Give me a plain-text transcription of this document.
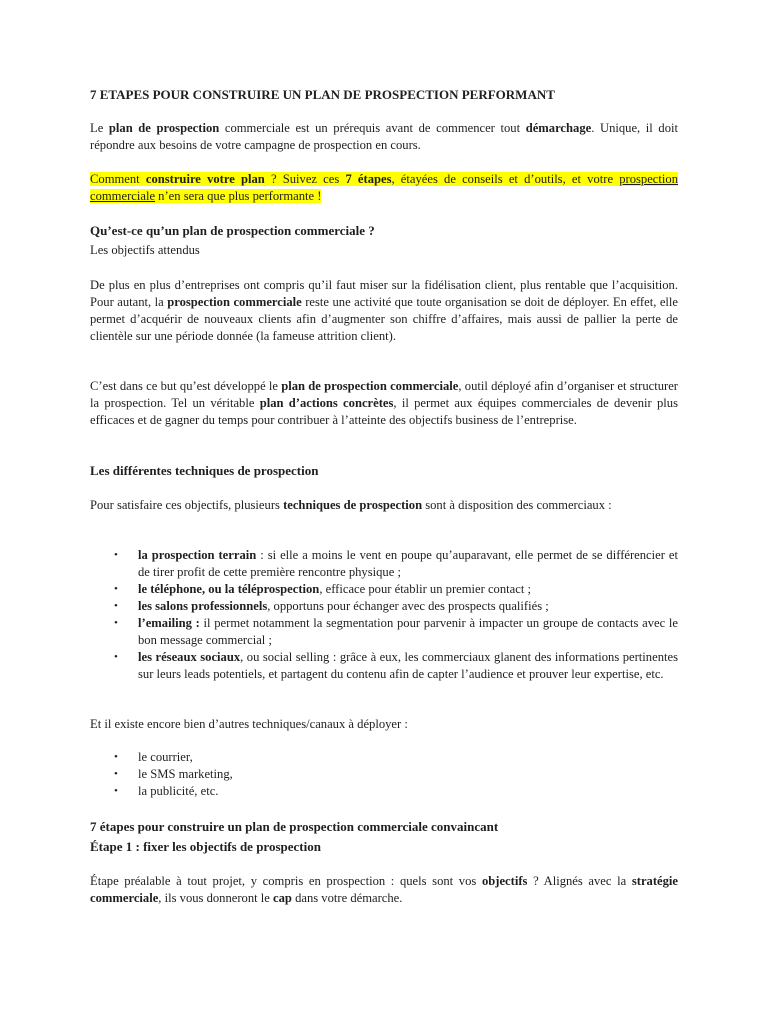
7 ETAPES POUR CONSTRUIRE UN PLAN DE PROSPECTION PERFORMANT

Le plan de prospection commerciale est un prérequis avant de commencer tout démarchage. Unique, il doit répondre aux besoins de votre campagne de prospection en cours.

Comment construire votre plan ? Suivez ces 7 étapes, étayées de conseils et d’outils, et votre prospection commerciale n’en sera que plus performante !

Qu’est-ce qu’un plan de prospection commerciale ?

Les objectifs attendus

De plus en plus d’entreprises ont compris qu’il faut miser sur la fidélisation client, plus rentable que l’acquisition. Pour autant, la prospection commerciale reste une activité que toute organisation se doit de déployer. En effet, elle permet d’acquérir de nouveaux clients afin d’augmenter son chiffre d’affaires, mais aussi de pallier la perte de clientèle sur une période donnée (la fameuse attrition client).

C’est dans ce but qu’est développé le plan de prospection commerciale, outil déployé afin d’organiser et structurer la prospection. Tel un véritable plan d’actions concrètes, il permet aux équipes commerciales de devenir plus efficaces et de gagner du temps pour contribuer à l’atteinte des objectifs business de l’entreprise.

Les différentes techniques de prospection

Pour satisfaire ces objectifs, plusieurs techniques de prospection sont à disposition des commerciaux :

• la prospection terrain : si elle a moins le vent en poupe qu’auparavant, elle permet de se différencier et de tirer profit de cette première rencontre physique ;
• le téléphone, ou la téléprospection, efficace pour établir un premier contact ;
• les salons professionnels, opportuns pour échanger avec des prospects qualifiés ;
• l’emailing : il permet notamment la segmentation pour parvenir à impacter un groupe de contacts avec le bon message commercial ;
• les réseaux sociaux, ou social selling : grâce à eux, les commerciaux glanent des informations pertinentes sur leurs leads potentiels, et partagent du contenu afin de capter l’audience et prouver leur expertise, etc.

Et il existe encore bien d’autres techniques/canaux à déployer :

• le courrier,
• le SMS marketing,
• la publicité, etc.

7 étapes pour construire un plan de prospection commerciale convaincant

Étape 1 : fixer les objectifs de prospection

Étape préalable à tout projet, y compris en prospection : quels sont vos objectifs ? Alignés avec la stratégie commerciale, ils vous donneront le cap dans votre démarche.
